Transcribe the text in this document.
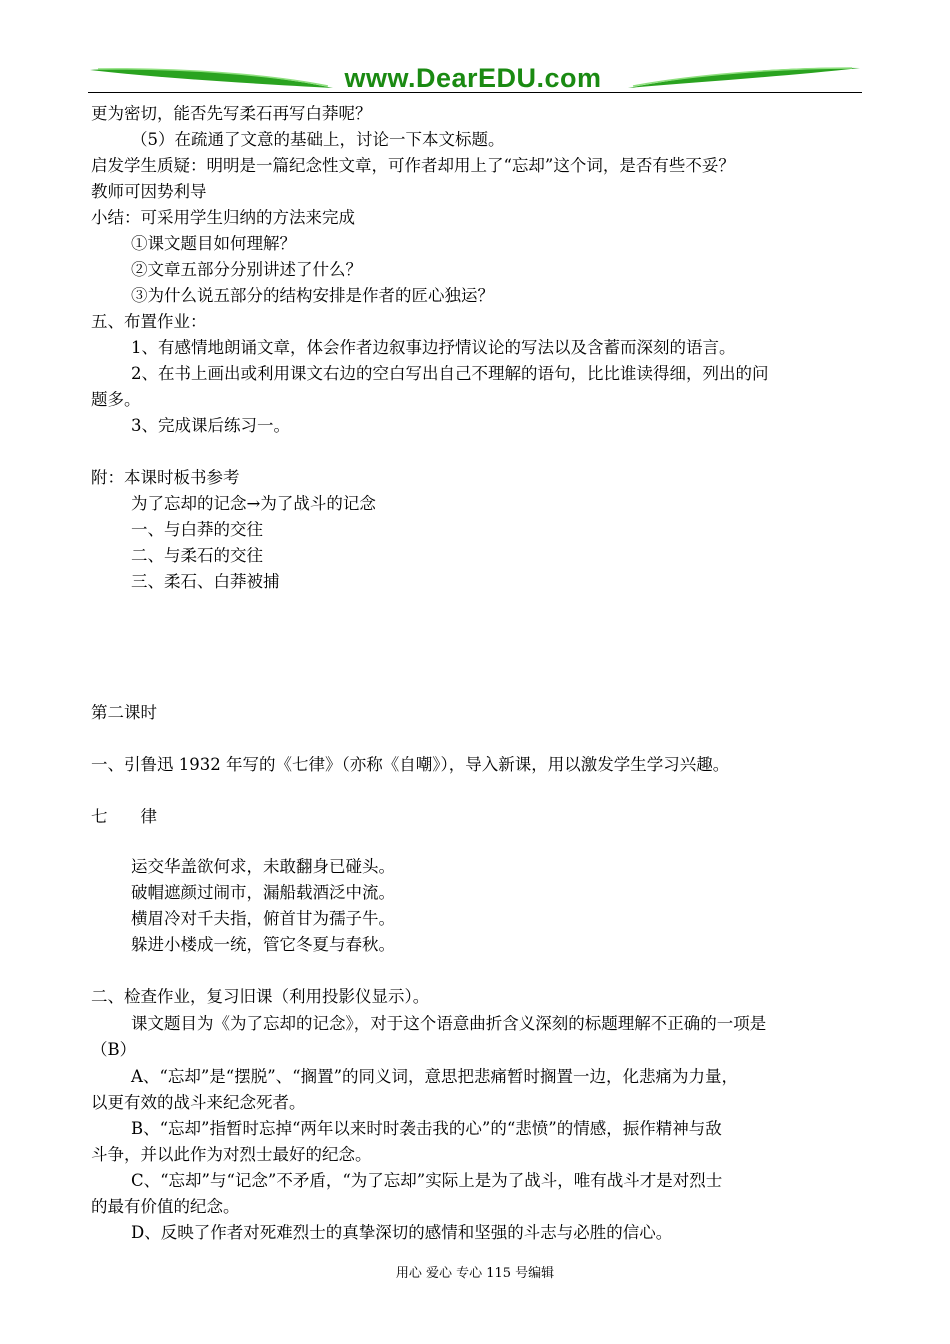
www.DearEDU.com
更为密切，能否先写柔石再写白莽呢？
（5）在疏通了文意的基础上，讨论一下本文标题。
启发学生质疑：明明是一篇纪念性文章，可作者却用上了“忘却”这个词，是否有些不妥？
教师可因势利导
小结：可采用学生归纳的方法来完成
①课文题目如何理解？
②文章五部分分别讲述了什么？
③为什么说五部分的结构安排是作者的匠心独运？
五、布置作业：
1、有感情地朗诵文章，体会作者边叙事边抒情议论的写法以及含蓄而深刻的语言。
2、在书上画出或利用课文右边的空白写出自己不理解的语句，比比谁读得细，列出的问
题多。
3、完成课后练习一。
附：本课时板书参考
为了忘却的记念→为了战斗的记念
一、与白莽的交往
二、与柔石的交往
三、柔石、白莽被捕
第二课时
一、引鲁迅 1932 年写的《七律》（亦称《自嘲》），导入新课，用以激发学生学习兴趣。
七　　律
运交华盖欲何求，未敢翻身已碰头。
破帽遮颜过闹市，漏船载酒泛中流。
横眉冷对千夫指，俯首甘为孺子牛。
躲进小楼成一统，管它冬夏与春秋。
二、检查作业，复习旧课（利用投影仪显示）。
课文题目为《为了忘却的记念》，对于这个语意曲折含义深刻的标题理解不正确的一项是
（B）
A、“忘却”是“摆脱”、“搁置”的同义词，意思把悲痛暂时搁置一边，化悲痛为力量，
以更有效的战斗来纪念死者。
B、“忘却”指暂时忘掉“两年以来时时袭击我的心”的“悲愤”的情感，振作精神与敌
斗争，并以此作为对烈士最好的纪念。
C、“忘却”与“记念”不矛盾，“为了忘却”实际上是为了战斗，唯有战斗才是对烈士
的最有价值的纪念。
D、反映了作者对死难烈士的真挚深切的感情和坚强的斗志与必胜的信心。
用心 爱心 专心 115 号编辑
